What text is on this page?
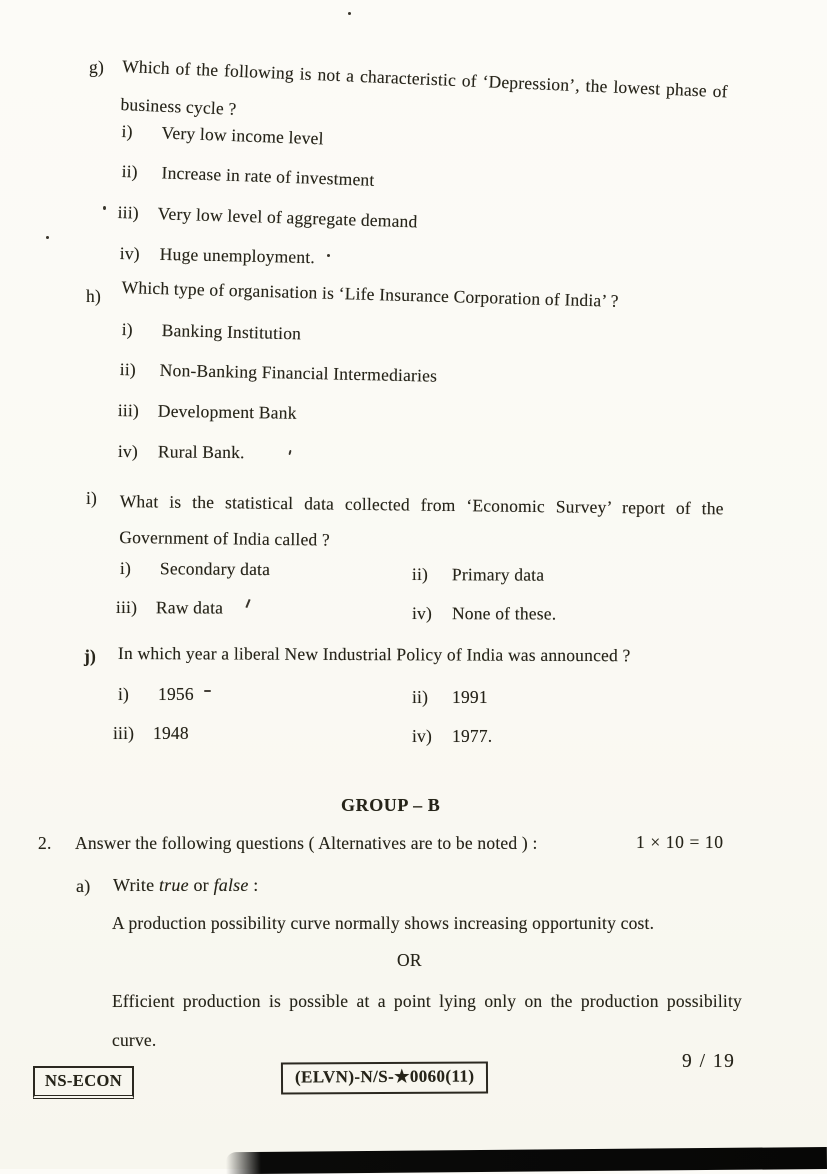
g) Which of the following is not a characteristic of ‘Depression’, the lowest phase of business cycle ?
i)	Very low income level
ii)	Increase in rate of investment
iii)	Very low level of aggregate demand
iv)	Huge unemployment.
h) Which type of organisation is ‘Life Insurance Corporation of India’ ?
i)	Banking Institution
ii)	Non-Banking Financial Intermediaries
iii)	Development Bank
iv)	Rural Bank.
i) What is the statistical data collected from ‘Economic Survey’ report of the Government of India called ?
i)	Secondary data	ii)	Primary data
iii)	Raw data	iv)	None of these.
j) In which year a liberal New Industrial Policy of India was announced ?
i)	1956	ii)	1991
iii)	1948	iv)	1977.
GROUP – B
2. Answer the following questions ( Alternatives are to be noted ) :	1 × 10 = 10
a) Write true or false :
A production possibility curve normally shows increasing opportunity cost.
OR
Efficient production is possible at a point lying only on the production possibility curve.
NS-ECON	(ELVN)-N/S-★0060(11)
9 / 19
